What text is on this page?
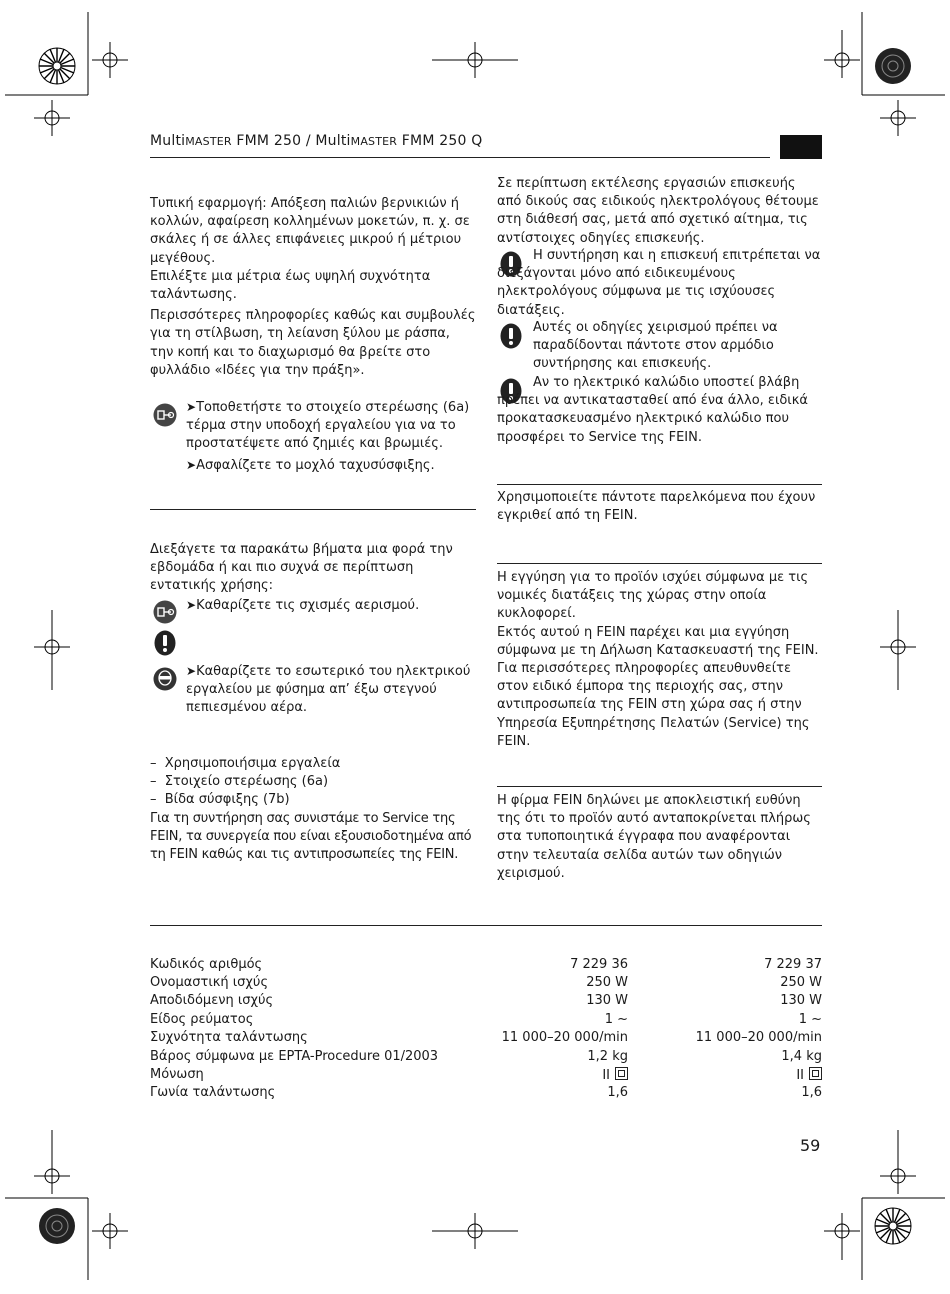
MultiMASTER FMM 250 / MultiMASTER FMM 250 Q

Τυπική εφαρμογή: Απόξεση παλιών βερνικιών ή κολλών, αφαίρεση κολλημένων μοκετών, π. χ. σε σκάλες ή σε άλλες επιφάνειες μικρού ή μέτριου μεγέθους.

Επιλέξτε μια μέτρια έως υψηλή συχνότητα ταλάντωσης.

Περισσότερες πληροφορίες καθώς και συμβουλές για τη στίλβωση, τη λείανση ξύλου με ράσπα, την κοπή και το διαχωρισμό θα βρείτε στο φυλλάδιο «Ιδέες για την πράξη».

➤Τοποθετήστε το στοιχείο στερέωσης (6a) τέρμα στην υποδοχή εργαλείου για να το προστατέψετε από ζημιές και βρωμιές.

➤Ασφαλίζετε το μοχλό ταχυσύσφιξης.

Διεξάγετε τα παρακάτω βήματα μια φορά την εβδομάδα ή και πιο συχνά σε περίπτωση εντατικής χρήσης:

➤Καθαρίζετε τις σχισμές αερισμού.

➤Καθαρίζετε το εσωτερικό του ηλεκτρικού εργαλείου με φύσημα απ’ έξω στεγνού πεπιεσμένου αέρα.

–  Χρησιμοποιήσιμα εργαλεία

–  Στοιχείο στερέωσης (6a)

–  Βίδα σύσφιξης (7b)

Για τη συντήρηση σας συνιστάμε το Service της FEIN, τα συνεργεία που είναι εξουσιοδοτημένα από τη FEIN καθώς και τις αντιπροσωπείες της FEIN.

Σε περίπτωση εκτέλεσης εργασιών επισκευής από δικούς σας ειδικούς ηλεκτρολόγους θέτουμε στη διάθεσή σας, μετά από σχετικό αίτημα, τις αντίστοιχες οδηγίες επισκευής.

Η συντήρηση και η επισκευή επιτρέπεται να διεξάγονται μόνο από ειδικευμένους ηλεκτρολόγους σύμφωνα με τις ισχύουσες διατάξεις.

Αυτές οι οδηγίες χειρισμού πρέπει να παραδίδονται πάντοτε στον αρμόδιο συντήρησης και επισκευής.

Αν το ηλεκτρικό καλώδιο υποστεί βλάβη πρέπει να αντικατασταθεί από ένα άλλο, ειδικά προκατασκευασμένο ηλεκτρικό καλώδιο που προσφέρει το Service της FEIN.

Χρησιμοποιείτε πάντοτε παρελκόμενα που έχουν εγκριθεί από τη FEIN.

Η εγγύηση για το προϊόν ισχύει σύμφωνα με τις νομικές διατάξεις της χώρας στην οποία κυκλοφορεί.

Εκτός αυτού η FEIN παρέχει και μια εγγύηση σύμφωνα με τη Δήλωση Κατασκευαστή της FEIN. Για περισσότερες πληροφορίες απευθυνθείτε στον ειδικό έμπορα της περιοχής σας, στην αντιπροσωπεία της FEIN στη χώρα σας ή στην Υπηρεσία Εξυπηρέτησης Πελατών (Service) της FEIN.

Η φίρμα FEIN δηλώνει με αποκλειστική ευθύνη της ότι το προϊόν αυτό ανταποκρίνεται πλήρως στα τυποποιητικά έγγραφα που αναφέρονται στην τελευταία σελίδα αυτών των οδηγιών χειρισμού.

Κωδικός αριθμός	7 229 36	7 229 37
Ονομαστική ισχύς	250 W	250 W
Αποδιδόμενη ισχύς	130 W	130 W
Είδος ρεύματος	1 ~	1 ~
Συχνότητα ταλάντωσης	11 000–20 000/min	11 000–20 000/min
Βάρος σύμφωνα με EPTA-Procedure 01/2003	1,2 kg	1,4 kg
Μόνωση	II	II

Γωνία ταλάντωσης	1,6	1,6
59
